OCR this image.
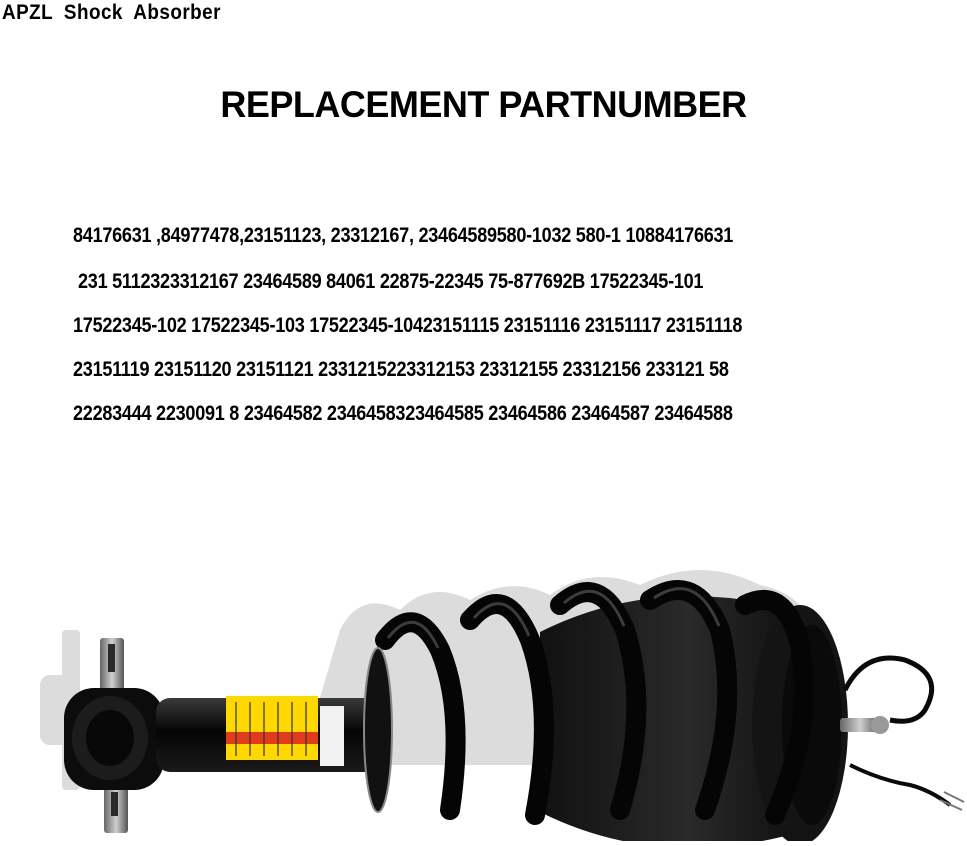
APZL Shock Absorber
REPLACEMENT PARTNUMBER
84176631 ,84977478,23151123, 23312167, 23464589580-1032 580-1 10884176631
231 5112323312167 23464589 84061 22875-22345 75-877692B 17522345-101
17522345-102 17522345-103 17522345-10423151115 23151116 23151117 23151118
23151119 23151120 23151121 2331215223312153 23312155 23312156 233121 58
22283444 2230091 8 23464582 2346458323464585 23464586 23464587 23464588
